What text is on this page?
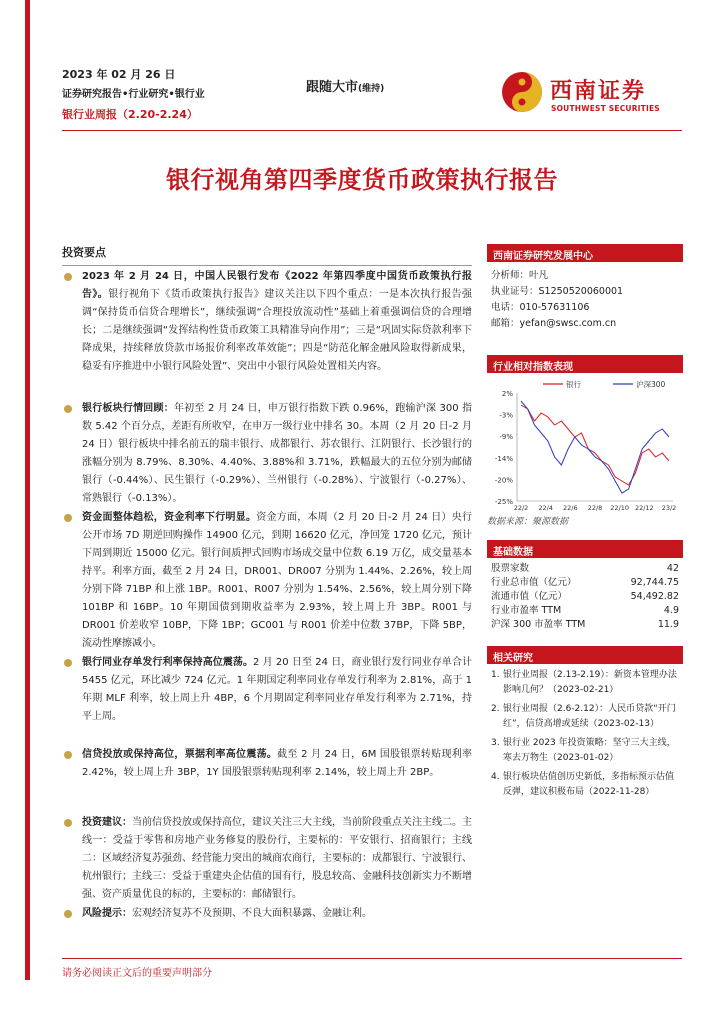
2023 年 02 月 26 日
证券研究报告•行业研究•银行业
银行业周报（2.20-2.24）
跟随大市(维持)	西南证券
SOUTHWEST SECURITIES
银行视角第四季度货币政策执行报告
投资要点
2023 年 2 月 24 日，中国人民银行发布《2022 年第四季度中国货币政策执行报告》。银行视角下《货币政策执行报告》建议关注以下四个重点：一是本次执行报告强调“保持货币信贷合理增长”，继续强调“合理投放流动性”基础上着重强调信贷的合理增长；二是继续强调“发挥结构性货币政策工具精准导向作用”；三是“巩固实际贷款利率下降成果，持续释放贷款市场报价利率改革效能”；四是“防范化解金融风险取得新成果，稳妥有序推进中小银行风险处置”、突出中小银行风险处置相关内容。
银行板块行情回顾：年初至 2 月 24 日，申万银行指数下跌 0.96%，跑输沪深 300 指数 5.42 个百分点，差距有所收窄，在申万一级行业中排名 30。本周（2 月 20 日-2 月 24 日）银行板块中排名前五的瑞丰银行、成都银行、苏农银行、江阴银行、长沙银行的涨幅分别为 8.79%、8.30%、4.40%、3.88%和 3.71%，跌幅最大的五位分别为邮储银行（-0.44%）、民生银行（-0.29%）、兰州银行（-0.28%）、宁波银行（-0.27%）、常熟银行（-0.13%）。
资金面整体趋松，资金利率下行明显。资金方面，本周（2 月 20 日-2 月 24 日）央行公开市场 7D 期逆回购操作 14900 亿元，到期 16620 亿元，净回笼 1720 亿元，预计下周到期近 15000 亿元。银行间质押式回购市场成交量中位数 6.19 万亿，成交量基本持平。利率方面，截至 2 月 24 日，DR001、DR007 分别为 1.44%、2.26%，较上周分别下降 71BP 和上涨 1BP。R001、R007 分别为 1.54%、2.56%，较上周分别下降 101BP 和 16BP。10 年期国债到期收益率为 2.93%，较上周上升 3BP。R001 与 DR001 价差收窄 10BP，下降 1BP；GC001 与 R001 价差中位数 37BP，下降 5BP，流动性摩擦减小。
银行同业存单发行利率保持高位震荡。2 月 20 日至 24 日，商业银行发行同业存单合计 5455 亿元，环比减少 724 亿元。1 年期国定利率同业存单发行利率为 2.81%，高于 1 年期 MLF 利率，较上周上升 4BP，6 个月期固定利率同业存单发行利率为 2.71%，持平上周。
信贷投放或保持高位，票据利率高位震荡。截至 2 月 24 日，6M 国股银票转贴现利率 2.42%，较上周上升 3BP，1Y 国股银票转贴现利率 2.14%，较上周上升 2BP。
投资建议：当前信贷投放或保持高位，建议关注三大主线，当前阶段重点关注主线二。主线一：受益于零售和房地产业务修复的股份行，主要标的：平安银行、招商银行；主线二：区域经济复苏强劲、经营能力突出的城商农商行，主要标的：成都银行、宁波银行、杭州银行；主线三：受益于重建央企估值的国有行，股息较高、金融科技创新实力不断增强、资产质量优良的标的，主要标的：邮储银行。
风险提示：宏观经济复苏不及预期、不良大面积暴露、金融让利。
西南证券研究发展中心
分析师：叶凡
执业证号：S1250520060001
电话：010-57631106
邮箱：yefan@swsc.com.cn
行业相对指数表现
2%
-3%
-9%
-14%
-20%
-25%
22/2 22/4 22/6 22/8 22/10 22/12 23/2
银行	沪深300
数据来源：聚源数据
基础数据
股票家数	42
行业总市值（亿元）	92,744.75
流通市值（亿元）	54,492.82
行业市盈率 TTM	4.9
沪深 300 市盈率 TTM	11.9
相关研究
1. 银行业周报（2.13-2.19）：新资本管理办法影响几何？（2023-02-21）
2. 银行业周报（2.6-2.12）：人民币贷款“开门红”，信贷高增或延续（2023-02-13）
3. 银行业 2023 年投资策略：坚守三大主线，寒去万物生（2023-01-02）
4. 银行板块估值创历史新低，多指标预示估值反弹，建议积极布局（2022-11-28）
请务必阅读正文后的重要声明部分
